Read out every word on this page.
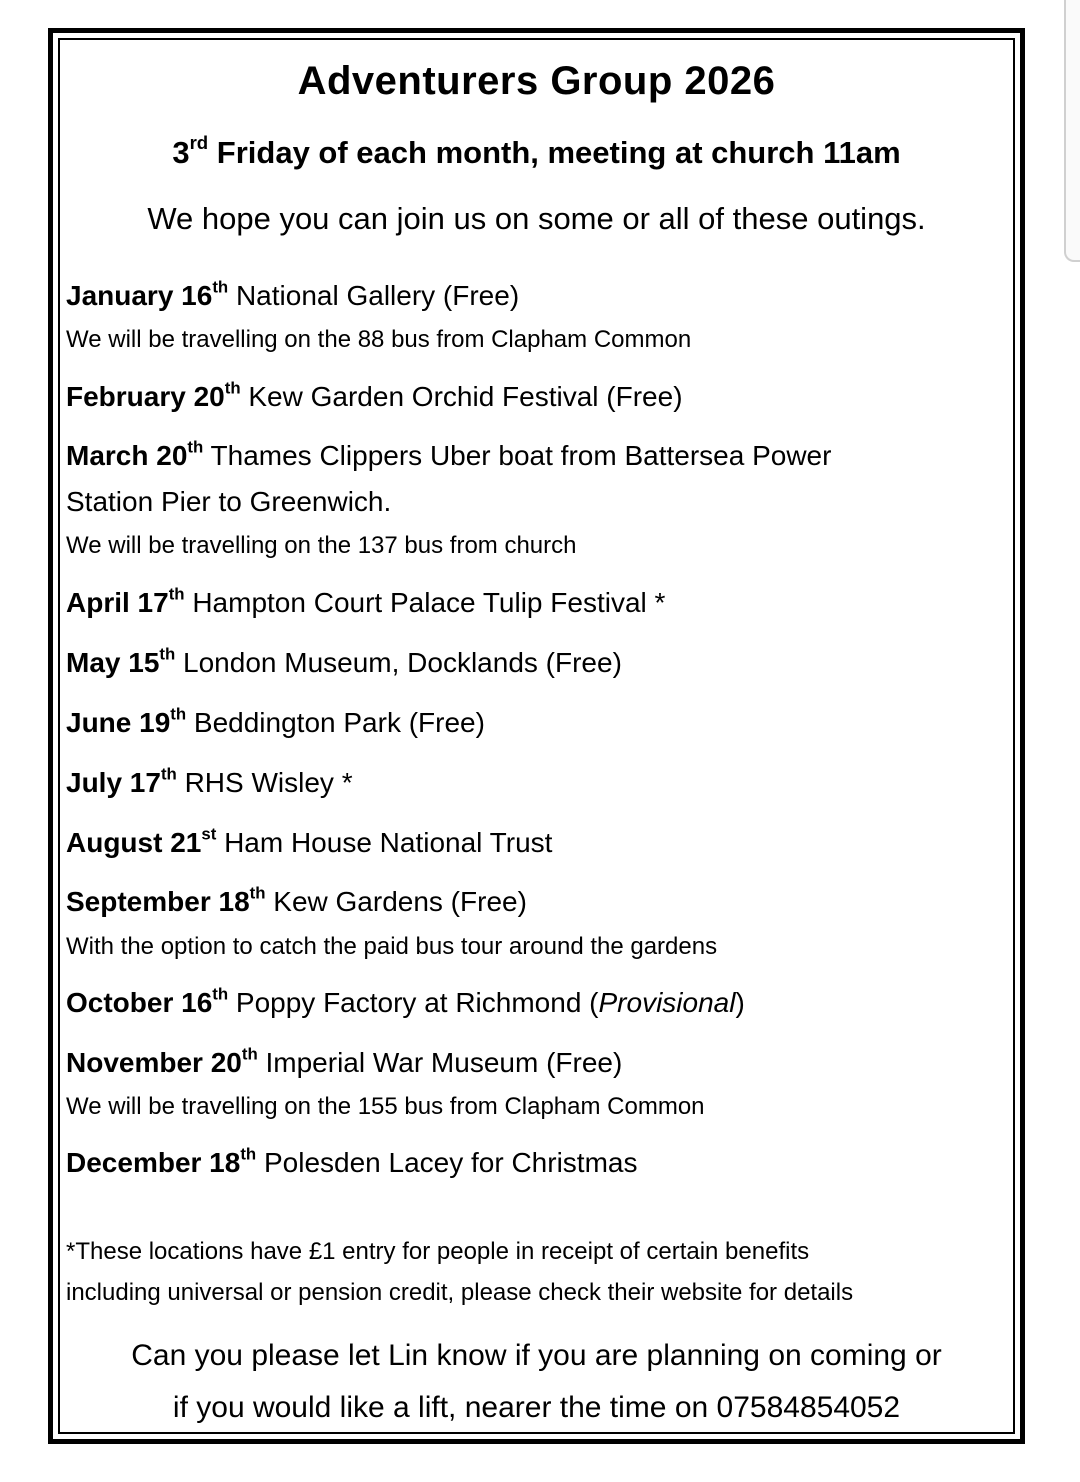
Adventurers Group 2026
3rd Friday of each month, meeting at church 11am
We hope you can join us on some or all of these outings.
January 16th National Gallery (Free)
We will be travelling on the 88 bus from Clapham Common
February 20th Kew Garden Orchid Festival (Free)
March 20th Thames Clippers Uber boat from Battersea Power
Station Pier to Greenwich.
We will be travelling on the 137 bus from church
April 17th Hampton Court Palace Tulip Festival *
May 15th London Museum, Docklands (Free)
June 19th Beddington Park (Free)
July 17th RHS Wisley *
August 21st Ham House National Trust
September 18th Kew Gardens (Free)
With the option to catch the paid bus tour around the gardens
October 16th Poppy Factory at Richmond (Provisional)
November 20th Imperial War Museum (Free)
We will be travelling on the 155 bus from Clapham Common
December 18th Polesden Lacey for Christmas
*These locations have £1 entry for people in receipt of certain benefits
including universal or pension credit, please check their website for details
Can you please let Lin know if you are planning on coming or
if you would like a lift, nearer the time on 07584854052
